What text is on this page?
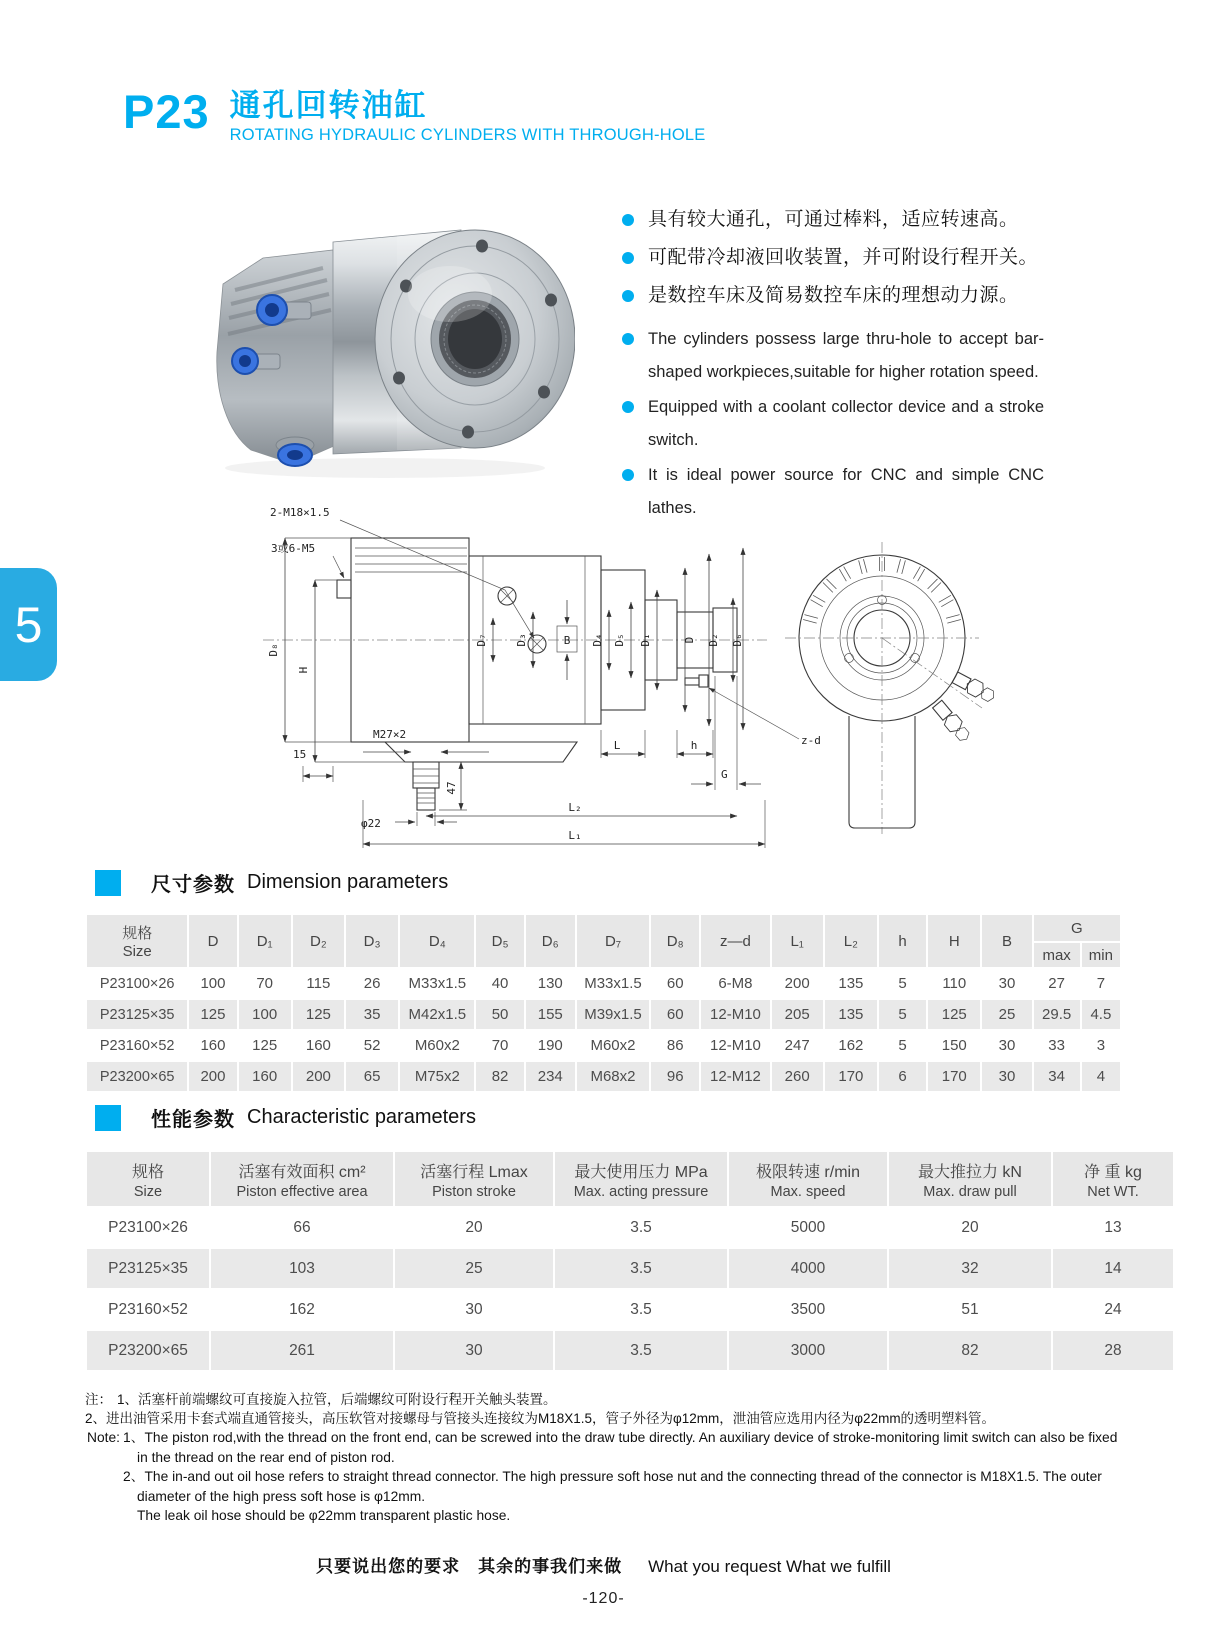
P23 通孔回转油缸
ROTATING HYDRAULIC CYLINDERS WITH THROUGH-HOLE
5
具有较大通孔，可通过棒料，适应转速高。
可配带冷却液回收装置，并可附设行程开关。
是数控车床及简易数控车床的理想动力源。
The cylinders possess large thru-hole to accept bar-shaped workpieces,suitable for higher rotation speed.
Equipped with a coolant collector device and a stroke switch.
It is ideal power source for CNC and simple CNC lathes.
2-M18×1.5
3或6-M5
D₈
H
M27×2
15
47
φ22
L	h	z-d
G
L₂
L₁
D₇ D₃	B D₄ D₅ D₁	D D₂ D₆
尺寸参数 Dimension parameters
规格
Size	D	D₁	D₂	D₃	D₄	D₅	D₆	D₇	D₈	z—d	L₁	L₂	h	H	B	G	
																max	min
P23100×26	100	70	115	26	M33x1.5	40	130	M33x1.5	60	6-M8	200	135	5	110	30	27	7
P23125×35	125	100	125	35	M42x1.5	50	155	M39x1.5	60	12-M10	205	135	5	125	25	29.5	4.5
P23160×52	160	125	160	52	M60x2	70	190	M60x2	86	12-M10	247	162	5	150	30	33	3
P23200×65	200	160	200	65	M75x2	82	234	M68x2	96	12-M12	260	170	6	170	30	34	4
性能参数 Characteristic parameters
规格
Size

活塞有效面积 cm²
Piston effective area

活塞行程 Lmax
Piston stroke

最大使用压力 MPa
Max. acting pressure

极限转速 r/min
Max. speed

最大推拉力 kN
Max. draw pull

净 重 kg
Net WT.

P23100×26	66	20	3.5	5000	20	13
P23125×35	103	25	3.5	4000	32	14
P23160×52	162	30	3.5	3500	51	24
P23200×65	261	30	3.5	3000	82	28
注： 1、活塞杆前端螺纹可直接旋入拉管，后端螺纹可附设行程开关触头装置。
2、进出油管采用卡套式端直通管接头，高压软管对接螺母与管接头连接纹为M18X1.5，管子外径为φ12mm，泄油管应选用内径为φ22mm的透明塑料管。
Note: 1、The piston rod,with the thread on the front end, can be screwed into the draw tube directly. An auxiliary device of stroke-monitoring limit switch can also be fixed in the thread on the rear end of piston rod.
2、The in-and out oil hose refers to straight thread connector. The high pressure soft hose nut and the connecting thread of the connector is M18X1.5. The outer diameter of the high press soft hose is φ12mm.
The leak oil hose should be φ22mm transparent plastic hose.
只要说出您的要求　其余的事我们来做 What you request What we fulfill
-120-
